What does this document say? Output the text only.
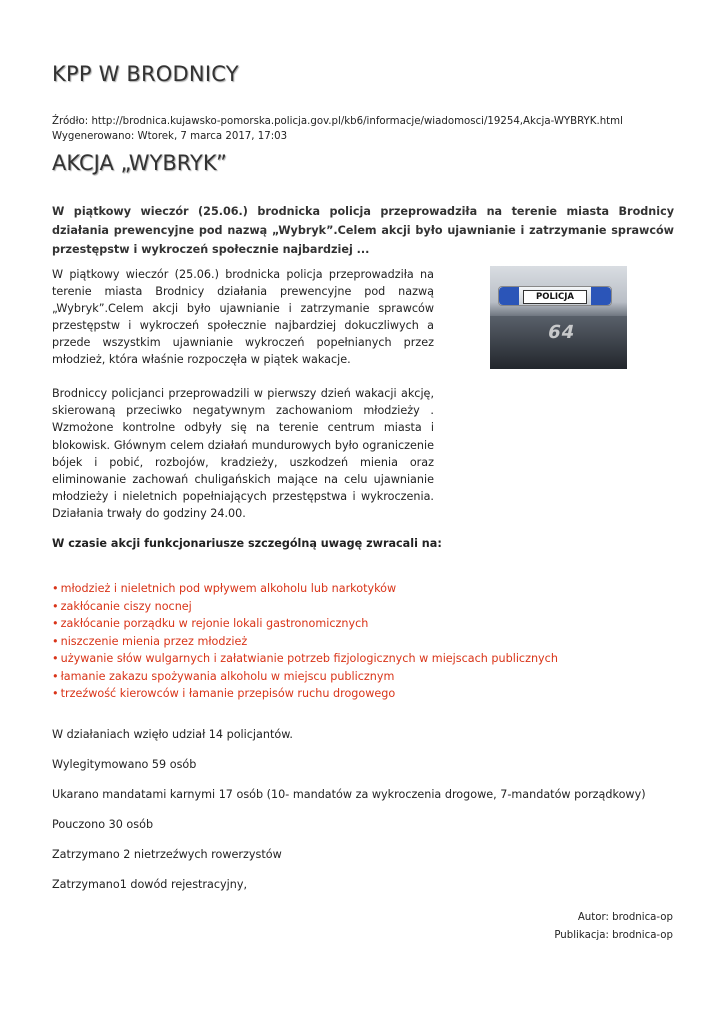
KPP W BRODNICY
Źródło: http://brodnica.kujawsko-pomorska.policja.gov.pl/kb6/informacje/wiadomosci/19254,Akcja-WYBRYK.html
Wygenerowano: Wtorek, 7 marca 2017, 17:03
AKCJA „WYBRYK”
W piątkowy wieczór (25.06.) brodnicka policja przeprowadziła na terenie miasta Brodnicy działania prewencyjne pod nazwą „Wybryk”.Celem akcji było ujawnianie i zatrzymanie sprawców przestępstw i wykroczeń społecznie najbardziej ...
POLICJA
64
W piątkowy wieczór (25.06.) brodnicka policja przeprowadziła na terenie miasta Brodnicy działania prewencyjne pod nazwą „Wybryk”.Celem akcji było ujawnianie i zatrzymanie sprawców przestępstw i wykroczeń społecznie najbardziej dokuczliwych a przede wszystkim ujawnianie wykroczeń popełnianych przez młodzież, która właśnie rozpoczęła w piątek wakacje.
Brodniccy policjanci przeprowadzili w pierwszy dzień wakacji akcję, skierowaną przeciwko negatywnym zachowaniom młodzieży . Wzmożone kontrolne odbyły się na terenie centrum miasta i blokowisk. Głównym celem działań mundurowych było ograniczenie bójek i pobić, rozbojów, kradzieży, uszkodzeń mienia oraz eliminowanie zachowań chuligańskich mające na celu ujawnianie młodzieży i nieletnich popełniających przestępstwa i wykroczenia. Działania trwały do godziny 24.00.
W czasie akcji funkcjonariusze szczególną uwagę zwracali na:
• młodzież i nieletnich pod wpływem alkoholu lub narkotyków
• zakłócanie ciszy nocnej
• zakłócanie porządku w rejonie lokali gastronomicznych
• niszczenie mienia przez młodzież
• używanie słów wulgarnych i załatwianie potrzeb fizjologicznych w miejscach publicznych
• łamanie zakazu spożywania alkoholu w miejscu publicznym
• trzeźwość kierowców i łamanie przepisów ruchu drogowego
W działaniach wzięło udział 14 policjantów.
Wylegitymowano 59 osób
Ukarano mandatami karnymi 17 osób (10- mandatów za wykroczenia drogowe, 7-mandatów porządkowy)
Pouczono 30 osób
Zatrzymano 2 nietrzeźwych rowerzystów
Zatrzymano1 dowód rejestracyjny,
Autor: brodnica-op
Publikacja: brodnica-op
